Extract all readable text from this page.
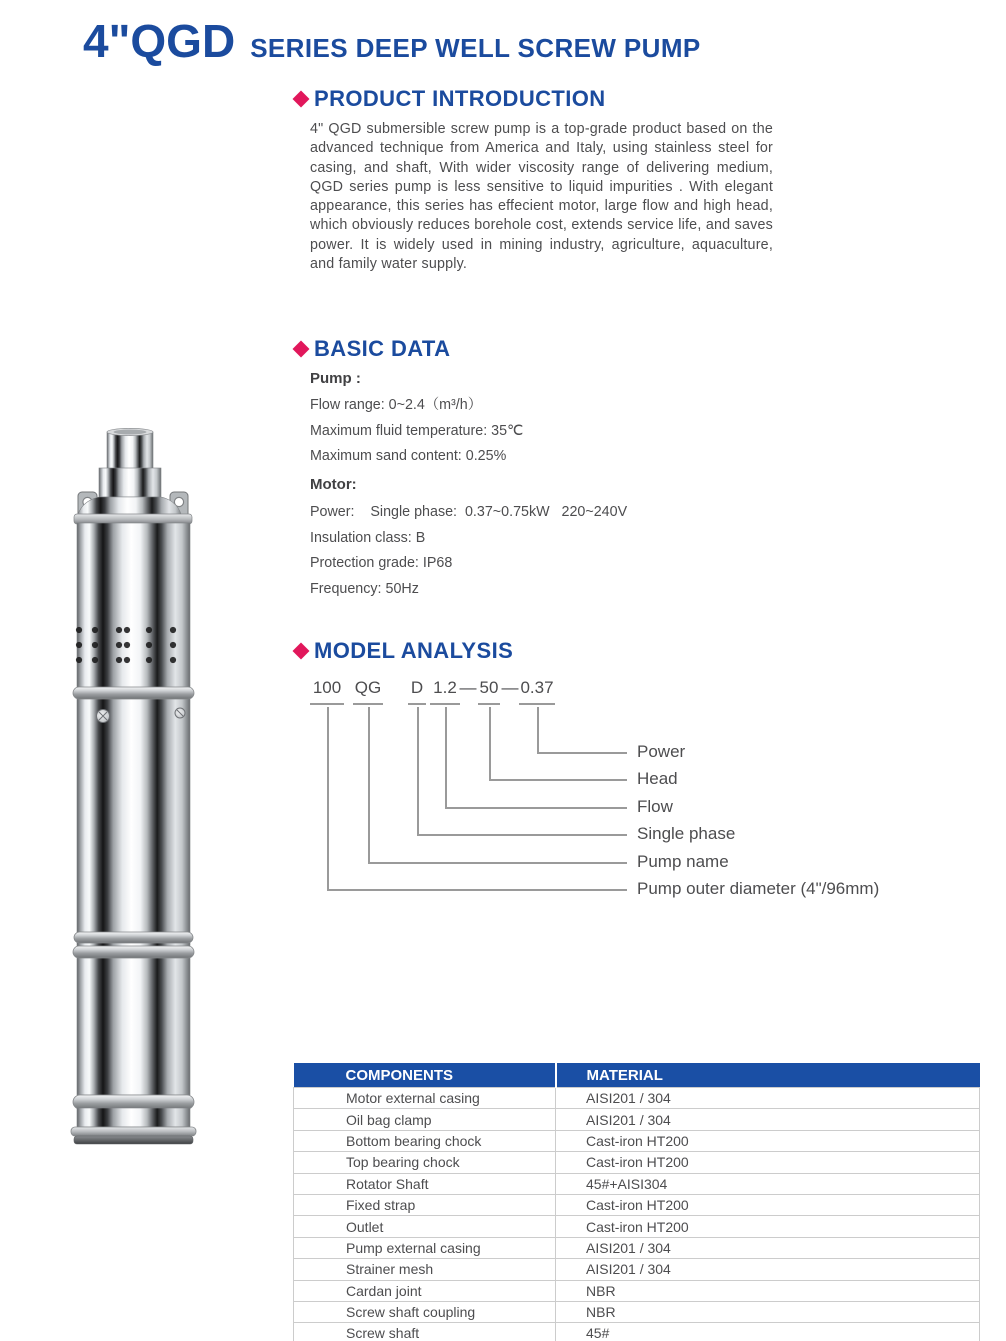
4"QGD SERIES DEEP WELL SCREW PUMP
PRODUCT INTRODUCTION

4" QGD submersible screw pump is a top-grade product based on the advanced technique from America and Italy, using stainless steel for casing, and shaft, With wider viscosity range of delivering medium, QGD series pump is less sensitive to liquid impurities . With elegant appearance, this series has effecient motor, large flow and high head, which obviously reduces borehole cost, extends service life, and saves power. It is widely used in mining industry, agriculture, aquaculture, and family water supply.

BASIC DATA
Pump :
Flow range: 0~2.4（m³/h）
Maximum fluid temperature: 35℃
Maximum sand content: 0.25%
Motor:
Power:    Single phase:  0.37~0.75kW   220~240V
Insulation class: B
Protection grade: IP68
Frequency: 50Hz
MODEL ANALYSIS
100 QG D 1.2 50 0.37
— —
Power
Head
Flow
Single phase
Pump name
Pump outer diameter (4"/96mm)
COMPONENTS	MATERIAL
Motor external casing	AISI201 / 304
Oil bag clamp	AISI201 / 304
Bottom bearing chock	Cast-iron HT200
Top bearing chock	Cast-iron HT200
Rotator Shaft	45#+AISI304
Fixed strap	Cast-iron HT200
Outlet	Cast-iron HT200
Pump external casing	AISI201 / 304
Strainer mesh	AISI201 / 304
Cardan joint	NBR
Screw shaft coupling	NBR
Screw shaft	45#
